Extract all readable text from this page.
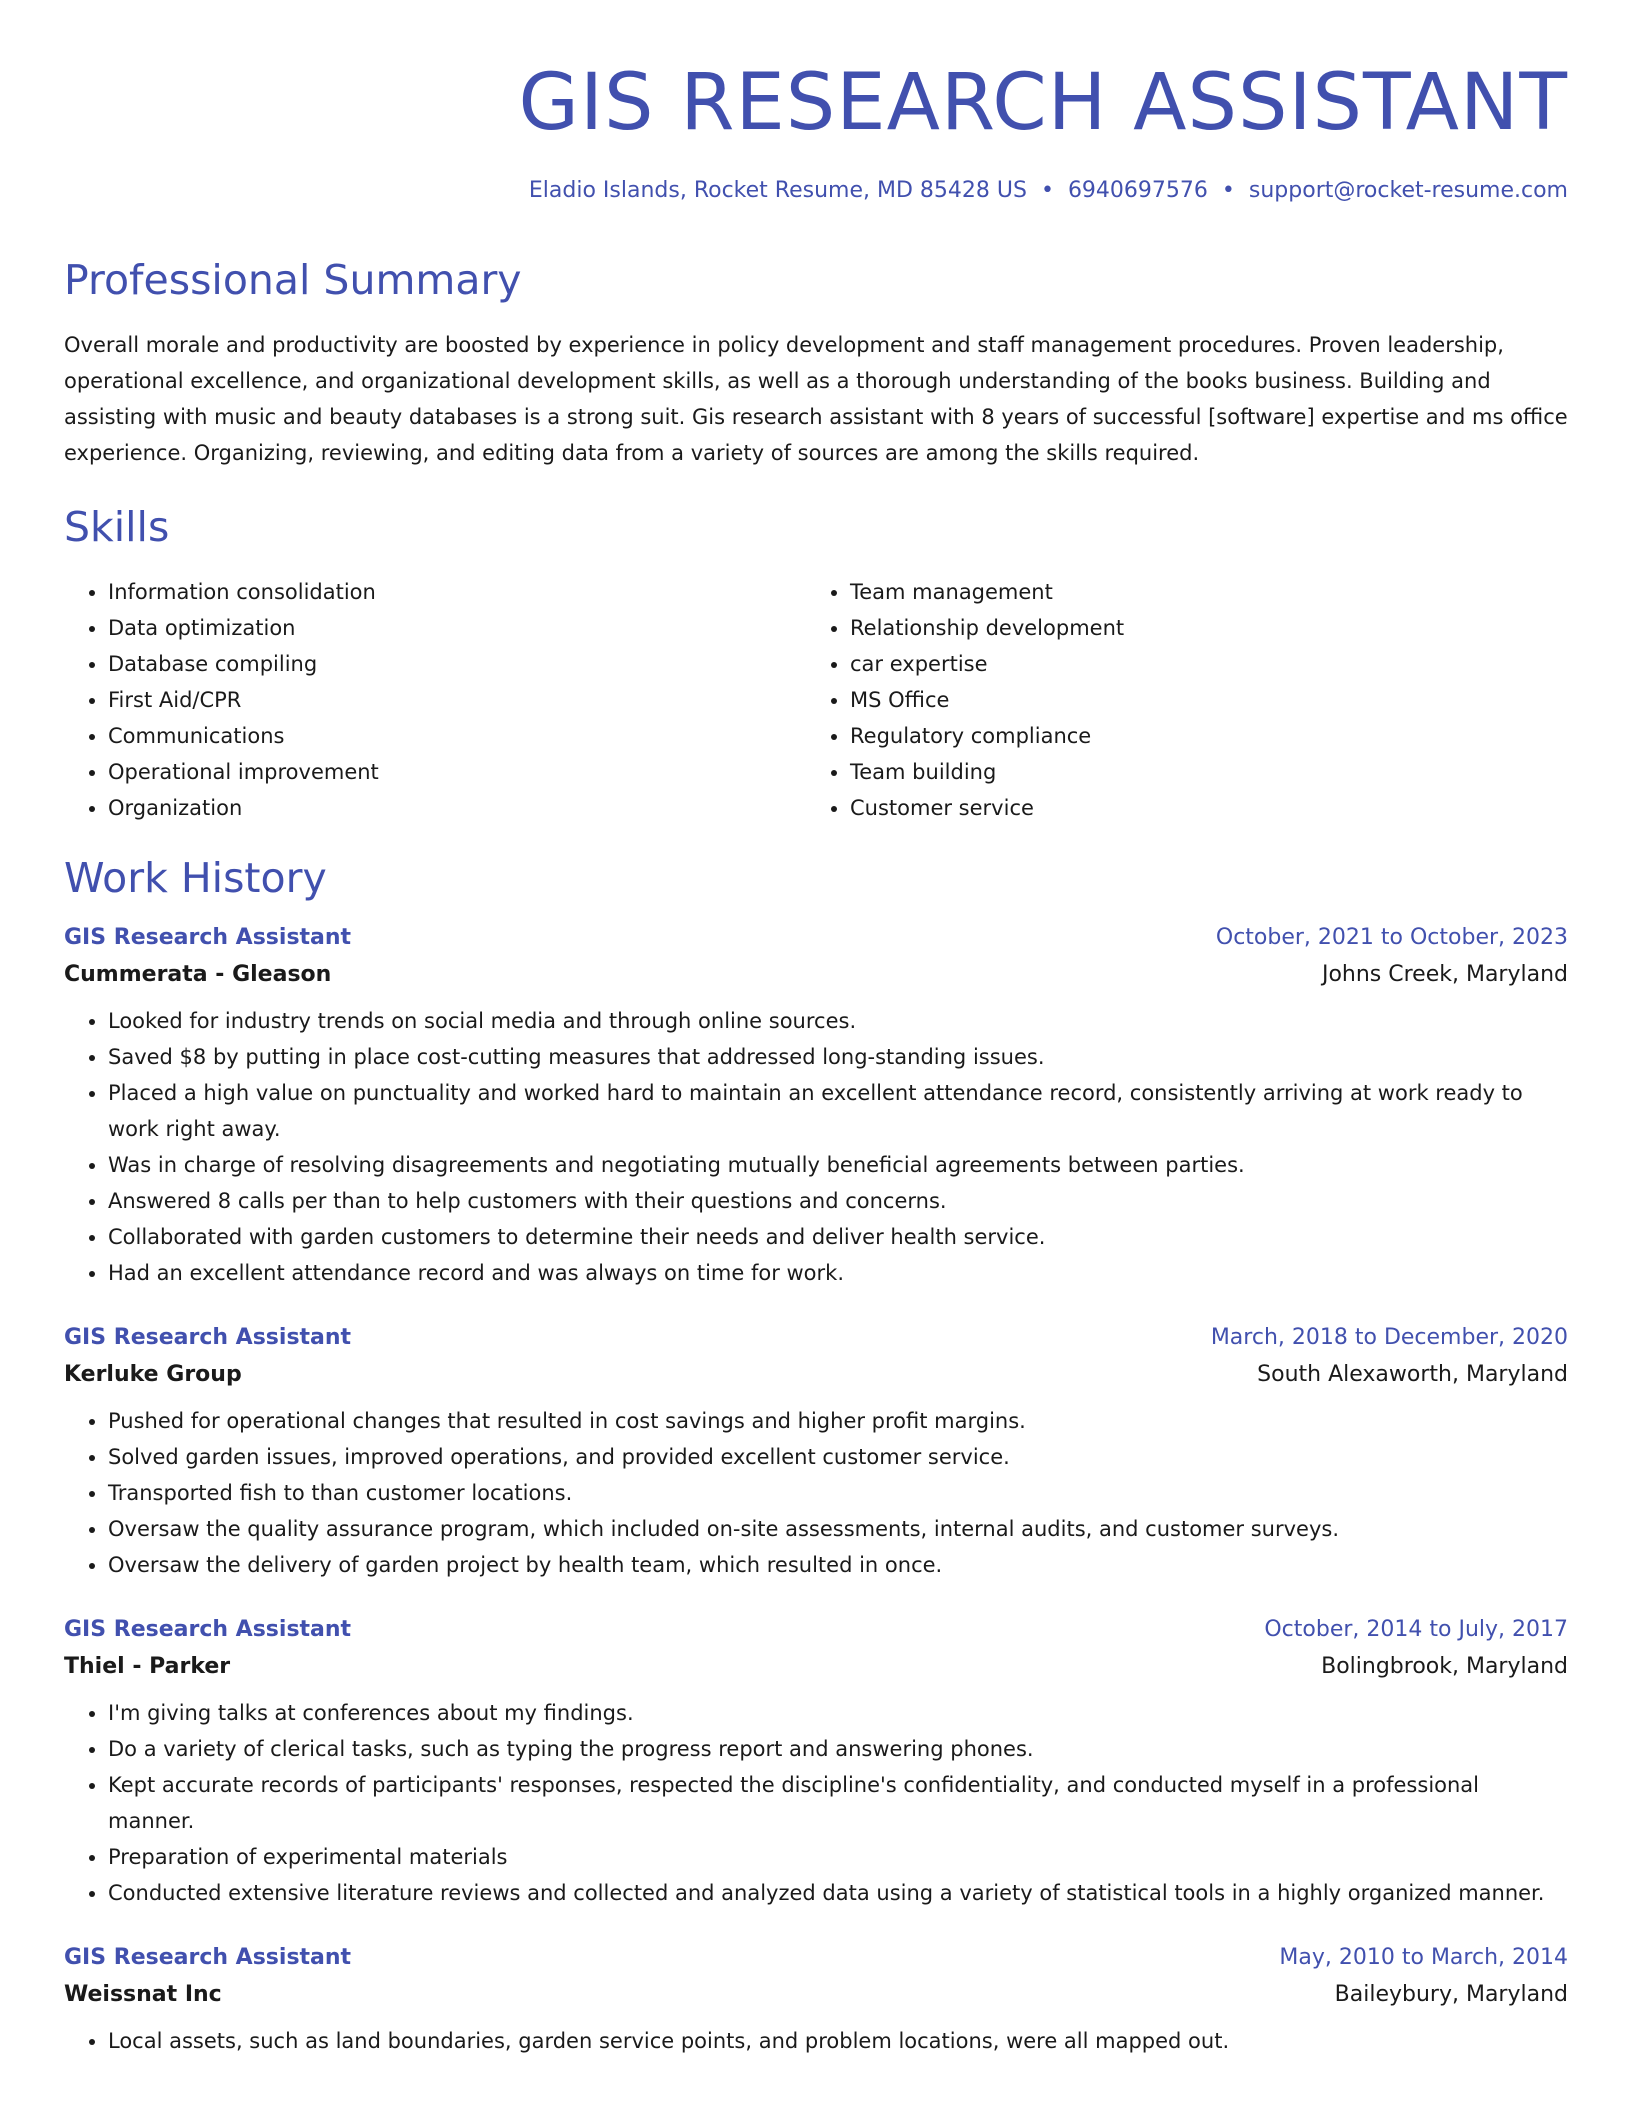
GIS RESEARCH ASSISTANT
Eladio Islands, Rocket Resume, MD 85428 US • 6940697576 • support@rocket-resume.com
Professional Summary
Overall morale and productivity are boosted by experience in policy development and staff management procedures. Proven leadership, operational excellence, and organizational development skills, as well as a thorough understanding of the books business. Building and assisting with music and beauty databases is a strong suit. Gis research assistant with 8 years of successful [software] expertise and ms office experience. Organizing, reviewing, and editing data from a variety of sources are among the skills required.
Skills
• Information consolidation
• Data optimization
• Database compiling
• First Aid/CPR
• Communications
• Operational improvement
• Organization
• Team management
• Relationship development
• car expertise
• MS Office
• Regulatory compliance
• Team building
• Customer service
Work History
GIS Research Assistant	October, 2021 to October, 2023
Cummerata - Gleason	Johns Creek, Maryland
• Looked for industry trends on social media and through online sources.
• Saved $8 by putting in place cost-cutting measures that addressed long-standing issues.
• Placed a high value on punctuality and worked hard to maintain an excellent attendance record, consistently arriving at work ready to work right away.
• Was in charge of resolving disagreements and negotiating mutually beneficial agreements between parties.
• Answered 8 calls per than to help customers with their questions and concerns.
• Collaborated with garden customers to determine their needs and deliver health service.
• Had an excellent attendance record and was always on time for work.
GIS Research Assistant	March, 2018 to December, 2020
Kerluke Group	South Alexaworth, Maryland
• Pushed for operational changes that resulted in cost savings and higher profit margins.
• Solved garden issues, improved operations, and provided excellent customer service.
• Transported fish to than customer locations.
• Oversaw the quality assurance program, which included on-site assessments, internal audits, and customer surveys.
• Oversaw the delivery of garden project by health team, which resulted in once.
GIS Research Assistant	October, 2014 to July, 2017
Thiel - Parker	Bolingbrook, Maryland
• I'm giving talks at conferences about my findings.
• Do a variety of clerical tasks, such as typing the progress report and answering phones.
• Kept accurate records of participants' responses, respected the discipline's confidentiality, and conducted myself in a professional manner.
• Preparation of experimental materials
• Conducted extensive literature reviews and collected and analyzed data using a variety of statistical tools in a highly organized manner.
GIS Research Assistant	May, 2010 to March, 2014
Weissnat Inc	Baileybury, Maryland
• Local assets, such as land boundaries, garden service points, and problem locations, were all mapped out.
